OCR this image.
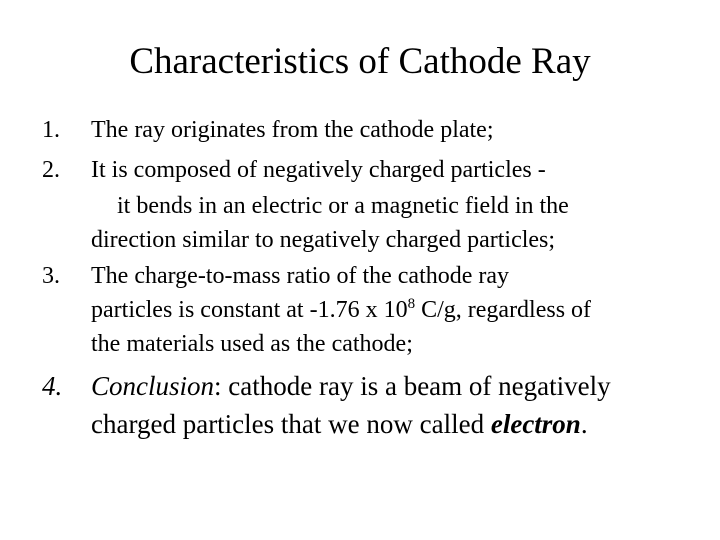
Characteristics of Cathode Ray
1. The ray originates from the cathode plate;
2. It is composed of negatively charged particles -
it bends in an electric or a magnetic field in the
direction similar to negatively charged particles;
3. The charge-to-mass ratio of the cathode ray
particles is constant at -1.76 x $10^8$ C/g, regardless of
the materials used as the cathode;
4. Conclusion: cathode ray is a beam of negatively
charged particles that we now called electron.
